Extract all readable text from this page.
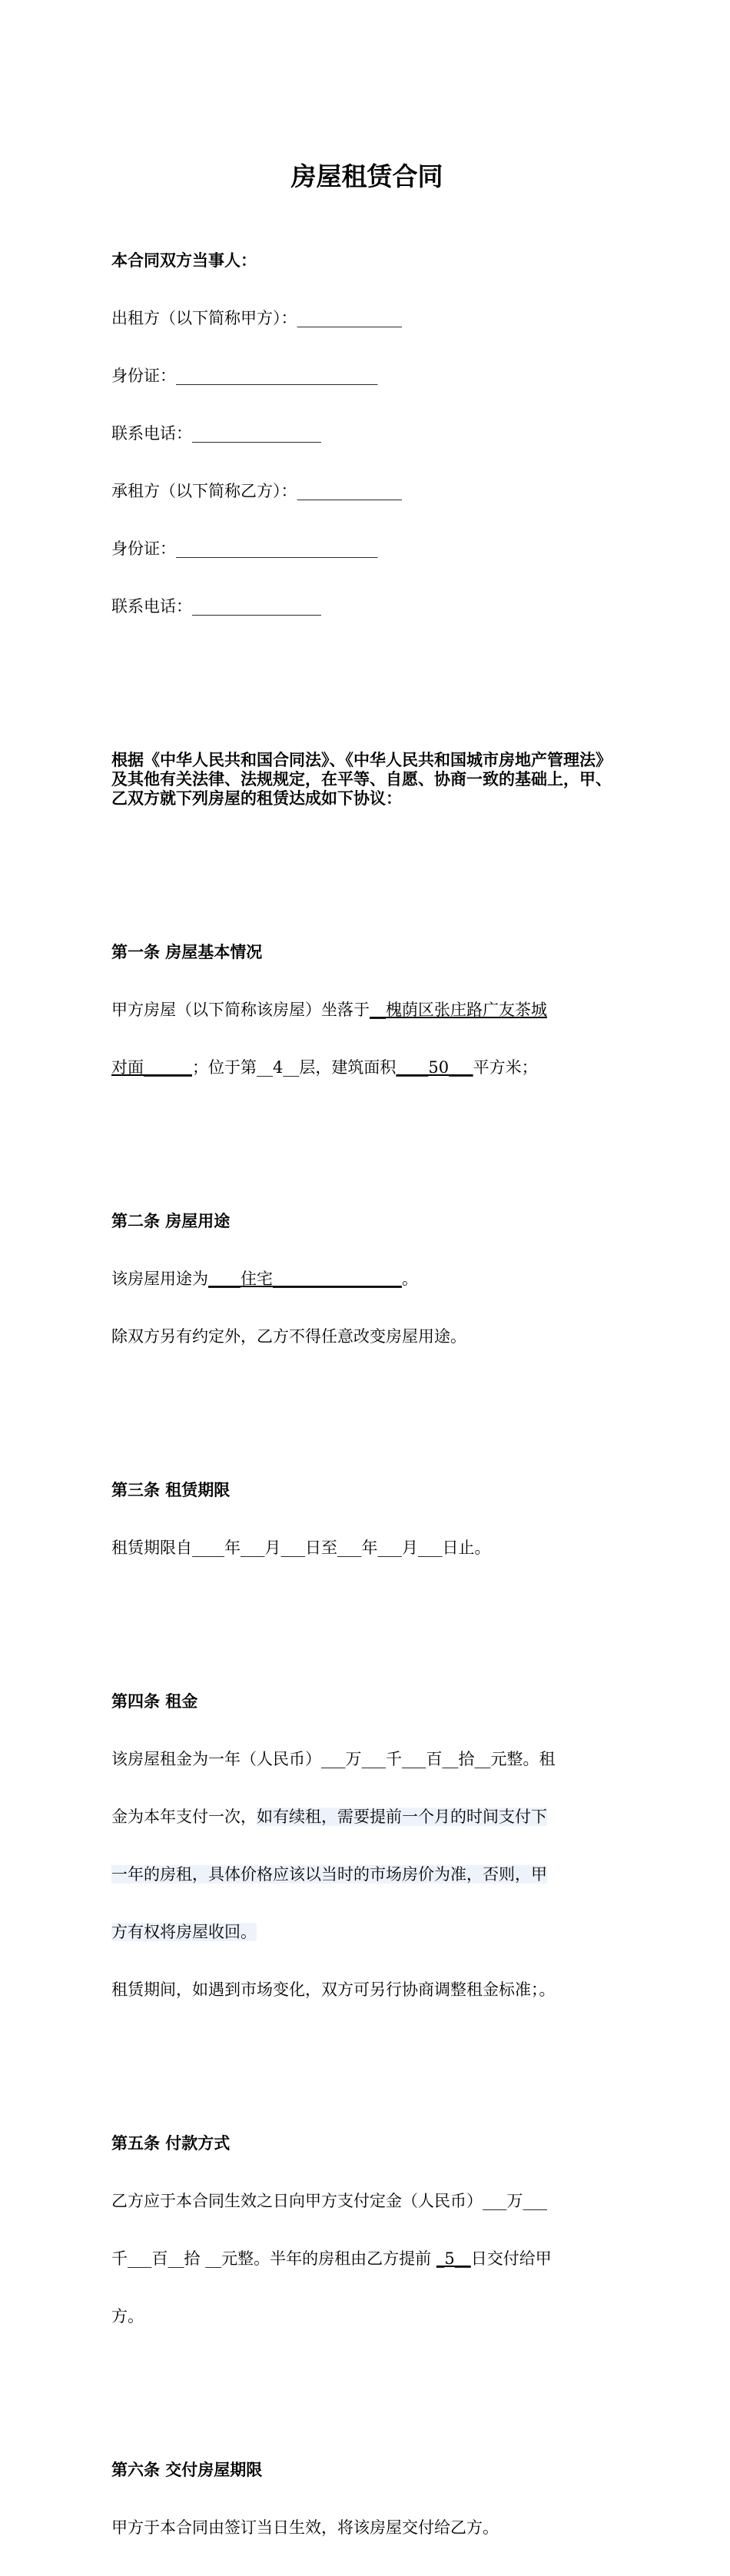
房屋租赁合同

本合同双方当事人：

出租方（以下简称甲方）：_____________

身份证：_________________________

联系电话：________________

承租方（以下简称乙方）：_____________

身份证：_________________________

联系电话：________________

根据《中华人民共和国合同法》、《中华人民共和国城市房地产管理法》及其他有关法律、法规规定，在平等、自愿、协商一致的基础上，甲、乙双方就下列房屋的租赁达成如下协议：

第一条 房屋基本情况

甲方房屋（以下简称该房屋）坐落于__槐荫区张庄路广友茶城

对面______；位于第__4__层，建筑面积____50___平方米；

第二条 房屋用途

该房屋用途为____住宅________________。

除双方另有约定外，乙方不得任意改变房屋用途。

第三条 租赁期限

租赁期限自____年___月___日至___年___月___日止。

第四条 租金

该房屋租金为一年（人民币）___万___千___百__拾__元整。租

金为本年支付一次，如有续租，需要提前一个月的时间支付下

一年的房租，具体价格应该以当时的市场房价为准，否则，甲

方有权将房屋收回。

租赁期间，如遇到市场变化，双方可另行协商调整租金标准；。

第五条 付款方式

乙方应于本合同生效之日向甲方支付定金（人民币）___万___

千___百__拾 __元整。半年的房租由乙方提前 _5__日交付给甲

方。

第六条 交付房屋期限

甲方于本合同由签订当日生效，将该房屋交付给乙方。
